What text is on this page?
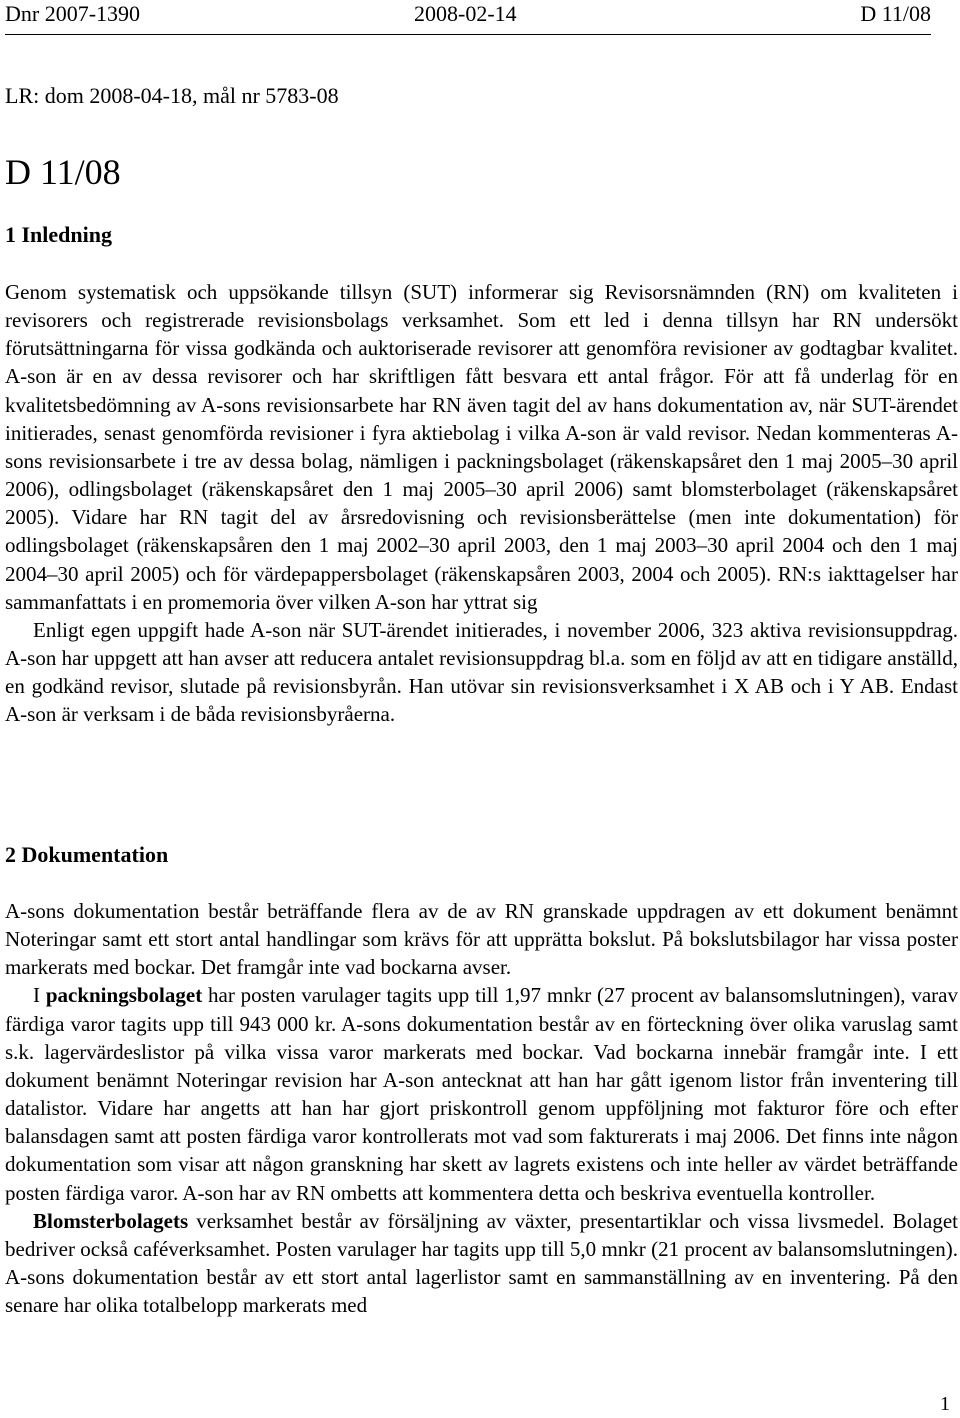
Dnr 2007-1390	2008-02-14	D 11/08
LR: dom 2008-04-18, mål nr 5783-08
D 11/08
1 Inledning

Genom systematisk och uppsökande tillsyn (SUT) informerar sig Revisorsnämnden (RN) om kvaliteten i revisorers och registrerade revisionsbolags verksamhet. Som ett led i denna tillsyn har RN undersökt förutsättningarna för vissa godkända och auktoriserade revisorer att genomföra revisioner av godtagbar kvalitet. A-son är en av dessa revisorer och har skriftligen fått besvara ett antal frågor. För att få underlag för en kvalitetsbedömning av A-sons revisionsarbete har RN även tagit del av hans dokumentation av, när SUT-ärendet initierades, senast genomförda revisioner i fyra aktiebolag i vilka A-son är vald revisor. Nedan kommenteras A-sons revisionsarbete i tre av dessa bolag, nämligen i packningsbolaget (räkenskapsåret den 1 maj 2005–30 april 2006), odlingsbolaget (räkenskapsåret den 1 maj 2005–30 april 2006) samt blomsterbolaget (räkenskapsåret 2005). Vidare har RN tagit del av årsredovisning och revisionsberättelse (men inte dokumentation) för odlingsbolaget (räkenskapsåren den 1 maj 2002–30 april 2003, den 1 maj 2003–30 april 2004 och den 1 maj 2004–30 april 2005) och för värdepappersbolaget (räkenskapsåren 2003, 2004 och 2005). RN:s iakttagelser har sammanfattats i en promemoria över vilken A-son har yttrat sig

Enligt egen uppgift hade A-son när SUT-ärendet initierades, i november 2006, 323 aktiva revisionsuppdrag. A-son har uppgett att han avser att reducera antalet revisionsuppdrag bl.a. som en följd av att en tidigare anställd, en godkänd revisor, slutade på revisionsbyrån. Han utövar sin revisionsverksamhet i X AB och i Y AB. Endast A-son är verksam i de båda revisionsbyråerna.

2 Dokumentation

A-sons dokumentation består beträffande flera av de av RN granskade uppdragen av ett dokument benämnt Noteringar samt ett stort antal handlingar som krävs för att upprätta bokslut. På bokslutsbilagor har vissa poster markerats med bockar. Det framgår inte vad bockarna avser.

I packningsbolaget har posten varulager tagits upp till 1,97 mnkr (27 procent av balansomslutningen), varav färdiga varor tagits upp till 943 000 kr. A-sons dokumentation består av en förteckning över olika varuslag samt s.k. lagervärdeslistor på vilka vissa varor markerats med bockar. Vad bockarna innebär framgår inte. I ett dokument benämnt Noteringar revision har A-son antecknat att han har gått igenom listor från inventering till datalistor. Vidare har angetts att han har gjort priskontroll genom uppföljning mot fakturor före och efter balansdagen samt att posten färdiga varor kontrollerats mot vad som fakturerats i maj 2006. Det finns inte någon dokumentation som visar att någon granskning har skett av lagrets existens och inte heller av värdet beträffande posten färdiga varor. A-son har av RN ombetts att kommentera detta och beskriva eventuella kontroller.

Blomsterbolagets verksamhet består av försäljning av växter, presentartiklar och vissa livsmedel. Bolaget bedriver också caféverksamhet. Posten varulager har tagits upp till 5,0 mnkr (21 procent av balansomslutningen). A-sons dokumentation består av ett stort antal lagerlistor samt en sammanställning av en inventering. På den senare har olika totalbelopp markerats med

1
